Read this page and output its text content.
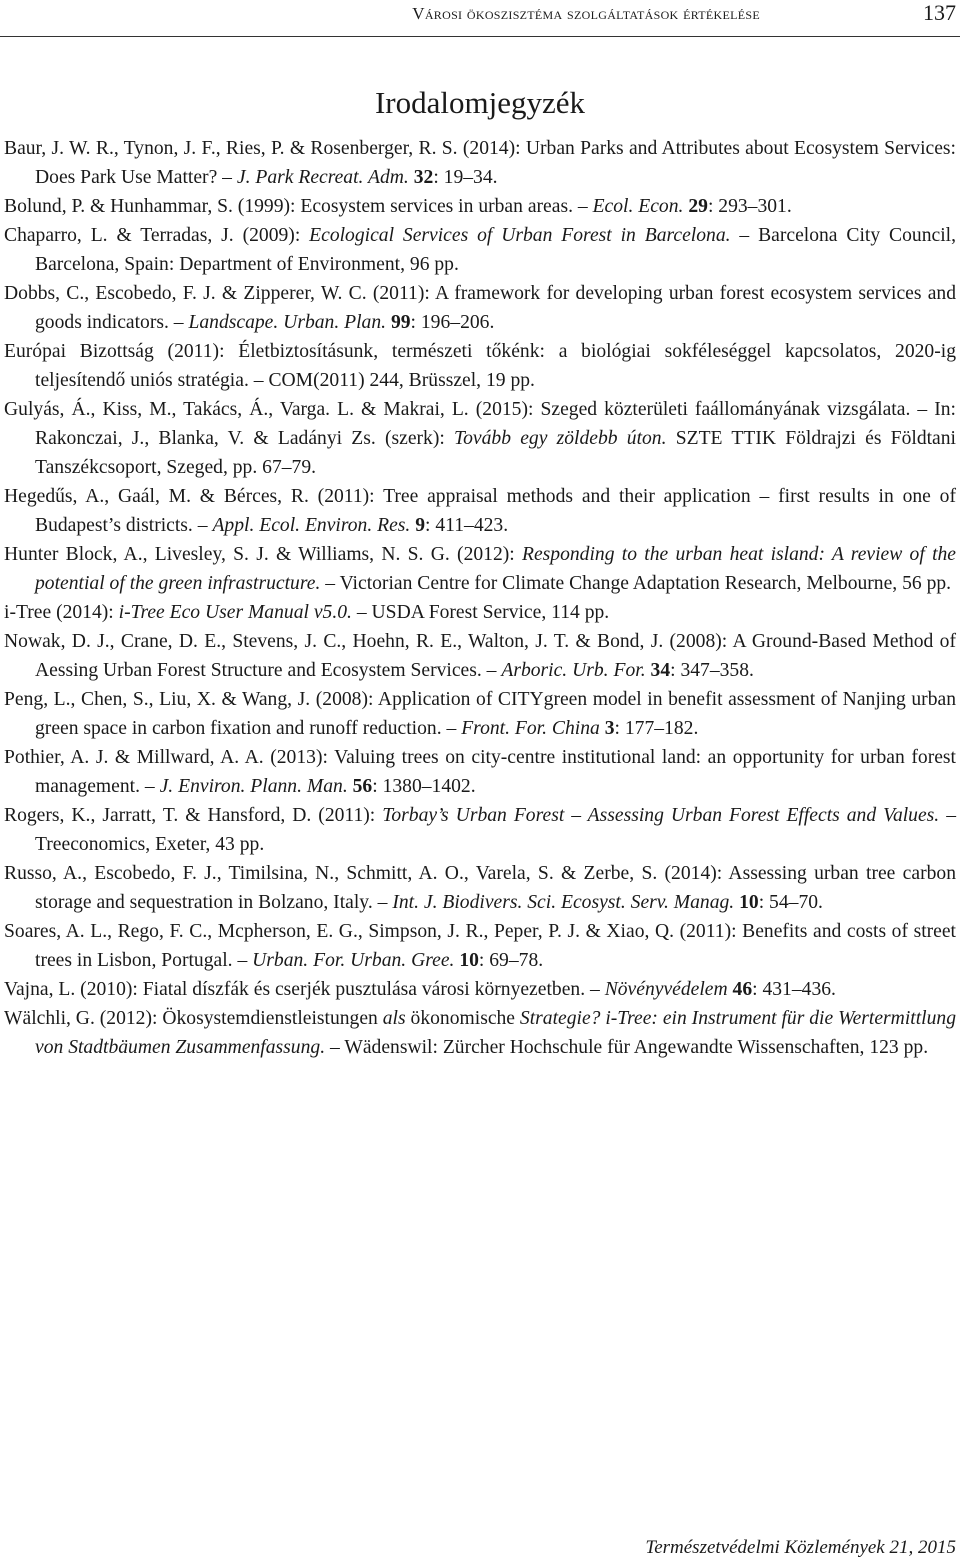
Városi ökoszisztéma szolgáltatások értékelése	137
Irodalomjegyzék
Baur, J. W. R., Tynon, J. F., Ries, P. & Rosenberger, R. S. (2014): Urban Parks and Attributes about Ecosystem Services: Does Park Use Matter? – J. Park Recreat. Adm. 32: 19–34.
Bolund, P. & Hunhammar, S. (1999): Ecosystem services in urban areas. – Ecol. Econ. 29: 293–301.
Chaparro, L. & Terradas, J. (2009): Ecological Services of Urban Forest in Barcelona. – Barcelona City Council, Barcelona, Spain: Department of Environment, 96 pp.
Dobbs, C., Escobedo, F. J. & Zipperer, W. C. (2011): A framework for developing urban forest ecosystem services and goods indicators. – Landscape. Urban. Plan. 99: 196–206.
Európai Bizottság (2011): Életbiztosításunk, természeti tőkénk: a biológiai sokféleséggel kapcsolatos, 2020-ig teljesítendő uniós stratégia. – COM(2011) 244, Brüsszel, 19 pp.
Gulyás, Á., Kiss, M., Takács, Á., Varga. L. & Makrai, L. (2015): Szeged közterületi faállományának vizsgálata. – In: Rakonczai, J., Blanka, V. & Ladányi Zs. (szerk): Tovább egy zöldebb úton. SZTE TTIK Földrajzi és Földtani Tanszékcsoport, Szeged, pp. 67–79.
Hegedűs, A., Gaál, M. & Bérces, R. (2011): Tree appraisal methods and their application – first results in one of Budapest’s districts. – Appl. Ecol. Environ. Res. 9: 411–423.
Hunter Block, A., Livesley, S. J. & Williams, N. S. G. (2012): Responding to the urban heat island: A review of the potential of the green infrastructure. – Victorian Centre for Climate Change Adaptation Research, Melbourne, 56 pp.
i-Tree (2014): i-Tree Eco User Manual v5.0. – USDA Forest Service, 114 pp.
Nowak, D. J., Crane, D. E., Stevens, J. C., Hoehn, R. E., Walton, J. T. & Bond, J. (2008): A Ground-Based Method of Aessing Urban Forest Structure and Ecosystem Services. – Arboric. Urb. For. 34: 347–358.
Peng, L., Chen, S., Liu, X. & Wang, J. (2008): Application of CITYgreen model in benefit assessment of Nanjing urban green space in carbon fixation and runoff reduction. – Front. For. China 3: 177–182.
Pothier, A. J. & Millward, A. A. (2013): Valuing trees on city-centre institutional land: an opportunity for urban forest management. – J. Environ. Plann. Man. 56: 1380–1402.
Rogers, K., Jarratt, T. & Hansford, D. (2011): Torbay’s Urban Forest – Assessing Urban Forest Effects and Values. – Treeconomics, Exeter, 43 pp.
Russo, A., Escobedo, F. J., Timilsina, N., Schmitt, A. O., Varela, S. & Zerbe, S. (2014): Assessing urban tree carbon storage and sequestration in Bolzano, Italy. – Int. J. Biodivers. Sci. Ecosyst. Serv. Manag. 10: 54–70.
Soares, A. L., Rego, F. C., Mcpherson, E. G., Simpson, J. R., Peper, P. J. & Xiao, Q. (2011): Benefits and costs of street trees in Lisbon, Portugal. – Urban. For. Urban. Gree. 10: 69–78.
Vajna, L. (2010): Fiatal díszfák és cserjék pusztulása városi környezetben. – Növényvédelem 46: 431–436.
Wälchli, G. (2012): Ökosystemdienstleistungen als ökonomische Strategie? i-Tree: ein Instrument für die Wertermittlung von Stadtbäumen Zusammenfassung. – Wädenswil: Zürcher Hochschule für Angewandte Wissenschaften, 123 pp.
Természetvédelmi Közlemények 21, 2015
